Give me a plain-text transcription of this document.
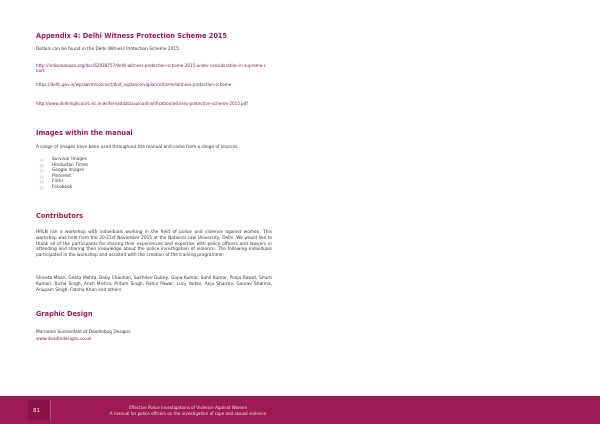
Appendix 4: Delhi Witness Protection Scheme 2015

Details can be found in the Delhi Witness Protection Scheme 2015:

http://indiankanoon.org/doc/62938757/delhi-witness-protection-scheme-2015-under-consideration-in-supreme-court
https://delhi.gov.in/wps/wcm/connect/doit_vigilance/vigilance/home/witness-protection-scheme
http://www.delhihighcourt.nic.in/writereaddata/upload/notification/witness-protection-scheme-2015.pdf
Images within the manual

A range of images have been used throughout the manual and come from a range of sources:

○ Survivor Images
○ Hindustan Times
○ Google Images
○ Pinterest
○ Flickr
○ Facebook
Contributors

HRLN ran a workshop with individuals working in the field of police and violence against women. This workshop was held from the 20-21st November 2015 at the National Law University, Delhi. We would like to thank all of the participants for sharing their experiences and expertise with police officers and lawyers in attending and sharing their knowledge about the police investigation of violence. The following individuals participated in the workshop and assisted with the creation of the training programme:

Shiveta Maan, Geeta Mehta, Baby Chauhan, Sukhdev Dubey, Gopa Kumar, Sahil Kumar, Pooja Rawat, Shurti Kumari, Richa Singh, Ansh Mishra, Pritam Singh, Rahul Pawar, Lucy Yadav, Anju Sharma, Gaurav Sharma, Anupam Singh, Fatima Khan and others

Graphic Design

Marianne Sonnenfeld at Doodlebug Designs

www.doodledesigns.co.uk

81
Effective Police Investigations of Violence Against Women
A manual for police officers on the investigation of rape and sexual violence
